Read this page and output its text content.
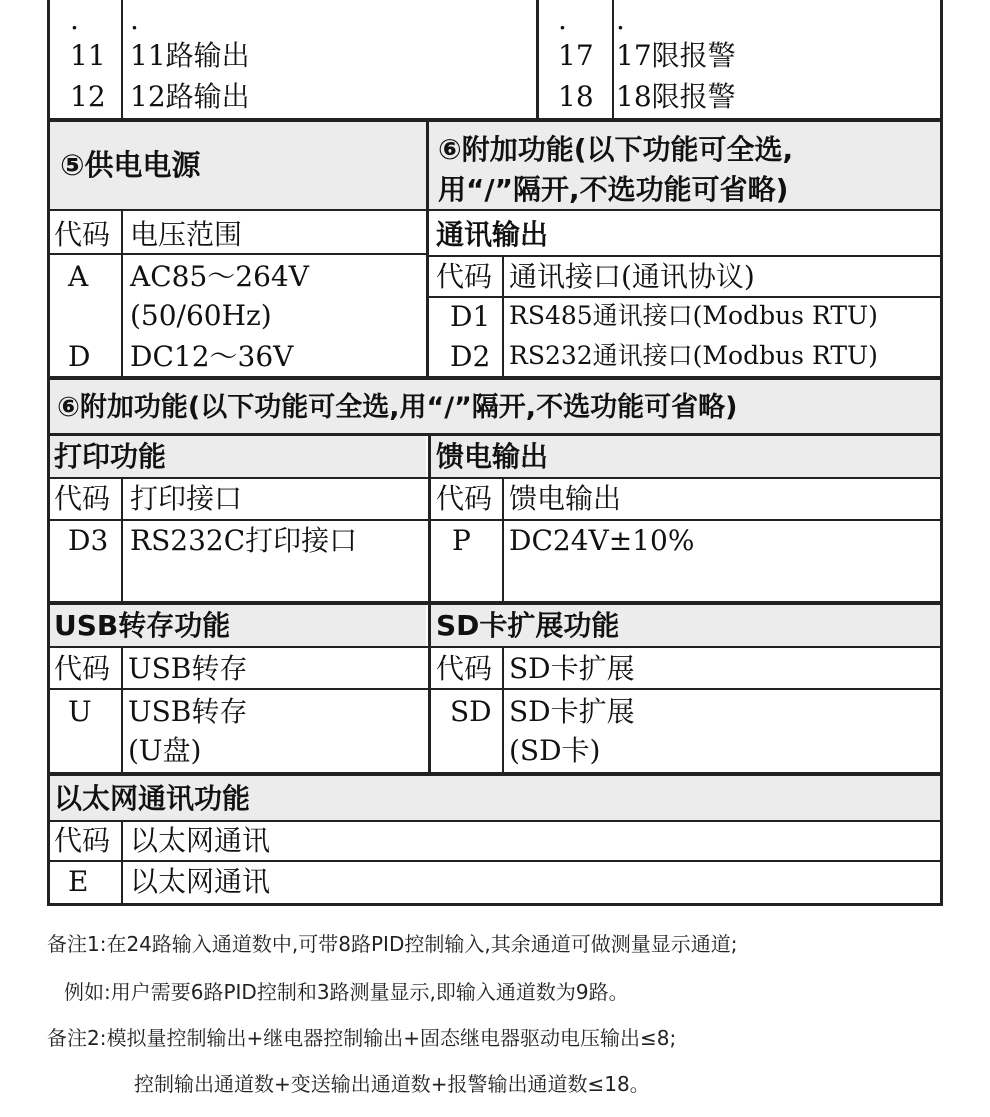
. .
11 11路输出
12 12路输出
. .
17 17限报警
18 18限报警
⑤供电电源
代码 电压范围
A AC85～264V
(50/60Hz)
D DC12～36V
⑥附加功能(以下功能可全选,
用“/”隔开,不选功能可省略)
通讯输出
代码 通讯接口(通讯协议)
D1 RS485通讯接口(Modbus RTU)
D2 RS232通讯接口(Modbus RTU)
⑥附加功能(以下功能可全选,用“/”隔开,不选功能可省略)
打印功能
代码 打印接口
D3 RS232C打印接口
馈电输出
代码 馈电输出
P DC24V±10%
USB转存功能
代码 USB转存
U USB转存
(U盘)
SD卡扩展功能
代码 SD卡扩展
SD SD卡扩展
(SD卡)
以太网通讯功能
代码 以太网通讯
E 以太网通讯
备注1:在24路输入通道数中,可带8路PID控制输入,其余通道可做测量显示通道;
例如:用户需要6路PID控制和3路测量显示,即输入通道数为9路。
备注2:模拟量控制输出+继电器控制输出+固态继电器驱动电压输出≤8;
控制输出通道数+变送输出通道数+报警输出通道数≤18。
